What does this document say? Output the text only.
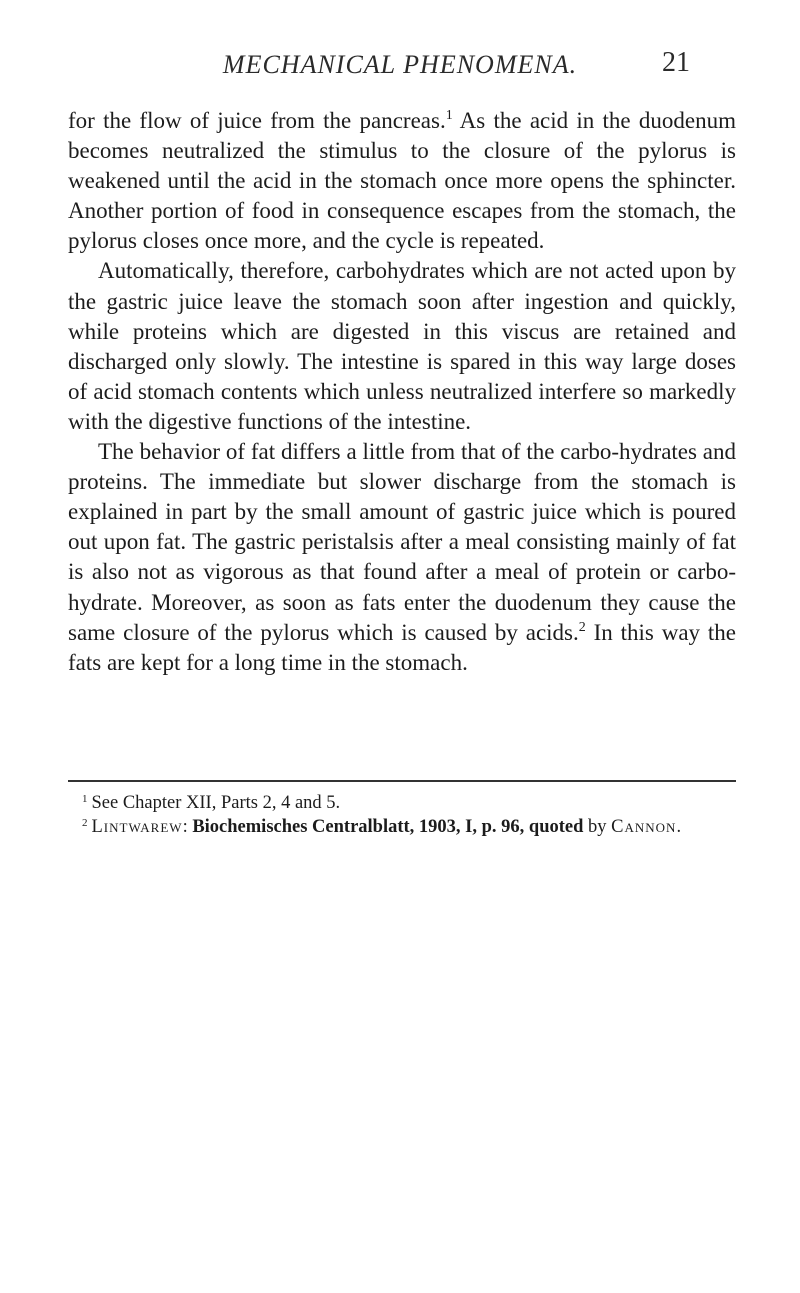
MECHANICAL PHENOMENA.	21

for the flow of juice from the pancreas.$^1$ As the acid in the duodenum becomes neutralized the stimulus to the closure of the pylorus is weakened until the acid in the stomach once more opens the sphincter. Another portion of food in consequence escapes from the stomach, the pylorus closes once more, and the cycle is repeated.

Automatically, therefore, carbohydrates which are not acted upon by the gastric juice leave the stomach soon after ingestion and quickly, while proteins which are digested in this viscus are retained and discharged only slowly. The intestine is spared in this way large doses of acid stomach contents which unless neutralized interfere so markedly with the digestive functions of the intestine.

The behavior of fat differs a little from that of the carbo-hydrates and proteins. The immediate but slower discharge from the stomach is explained in part by the small amount of gastric juice which is poured out upon fat. The gastric peristalsis after a meal consisting mainly of fat is also not as vigorous as that found after a meal of protein or carbo-hydrate. Moreover, as soon as fats enter the duodenum they cause the same closure of the pylorus which is caused by acids.$^2$ In this way the fats are kept for a long time in the stomach.

$^1$ See Chapter XII, Parts 2, 4 and 5.

$^2$ Lintwarew: Biochemisches Centralblatt, 1903, I, p. 96, quoted by Cannon.
